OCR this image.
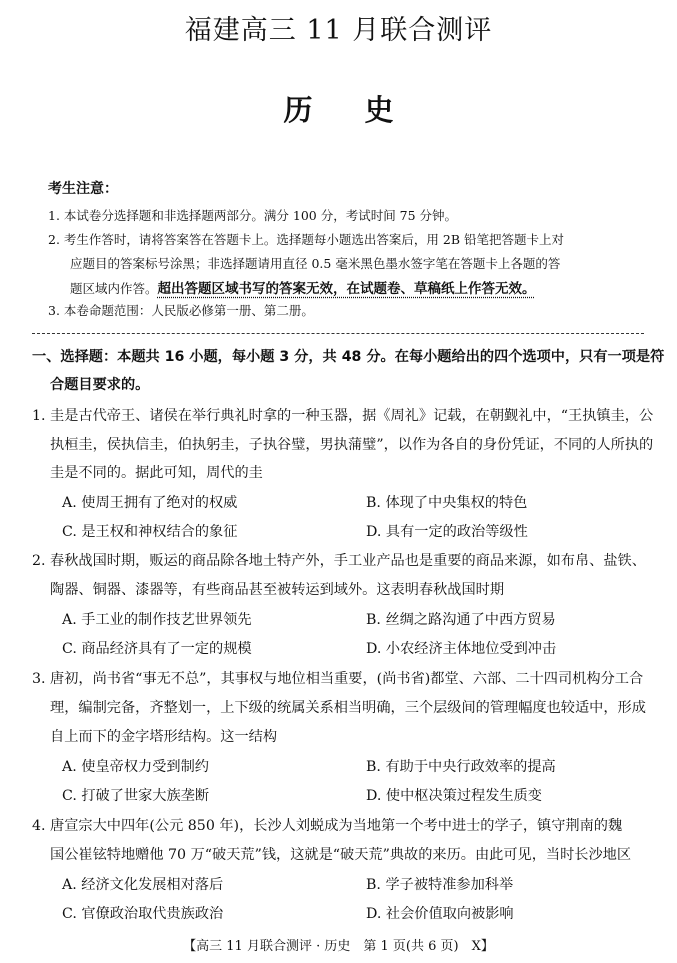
福建高三 11 月联合测评
历史
考生注意：
1. 本试卷分选择题和非选择题两部分。满分 100 分，考试时间 75 分钟。
2. 考生作答时，请将答案答在答题卡上。选择题每小题选出答案后，用 2B 铅笔把答题卡上对
应题目的答案标号涂黑；非选择题请用直径 0.5 毫米黑色墨水签字笔在答题卡上各题的答
题区域内作答。超出答题区域书写的答案无效，在试题卷、草稿纸上作答无效。
3. 本卷命题范围：人民版必修第一册、第二册。
一、选择题：本题共 16 小题，每小题 3 分，共 48 分。在每小题给出的四个选项中，只有一项是符
合题目要求的。
1. 圭是古代帝王、诸侯在举行典礼时拿的一种玉器，据《周礼》记载，在朝觐礼中，“王执镇圭，公
执桓圭，侯执信圭，伯执躬圭，子执谷璧，男执蒲璧”，以作为各自的身份凭证，不同的人所执的
圭是不同的。据此可知，周代的圭
A. 使周王拥有了绝对的权威	B. 体现了中央集权的特色
C. 是王权和神权结合的象征	D. 具有一定的政治等级性
2. 春秋战国时期，贩运的商品除各地土特产外，手工业产品也是重要的商品来源，如布帛、盐铁、
陶器、铜器、漆器等，有些商品甚至被转运到域外。这表明春秋战国时期
A. 手工业的制作技艺世界领先	B. 丝绸之路沟通了中西方贸易
C. 商品经济具有了一定的规模	D. 小农经济主体地位受到冲击
3. 唐初，尚书省“事无不总”，其事权与地位相当重要，(尚书省)都堂、六部、二十四司机构分工合
理，编制完备，齐整划一，上下级的统属关系相当明确，三个层级间的管理幅度也较适中，形成
自上而下的金字塔形结构。这一结构
A. 使皇帝权力受到制约	B. 有助于中央行政效率的提高
C. 打破了世家大族垄断	D. 使中枢决策过程发生质变
4. 唐宣宗大中四年(公元 850 年)，长沙人刘蜕成为当地第一个考中进士的学子，镇守荆南的魏
国公崔铉特地赠他 70 万“破天荒”钱，这就是“破天荒”典故的来历。由此可见，当时长沙地区
A. 经济文化发展相对落后	B. 学子被特准参加科举
C. 官僚政治取代贵族政治	D. 社会价值取向被影响
【高三 11 月联合测评 · 历史　第 1 页(共 6 页)　X】
